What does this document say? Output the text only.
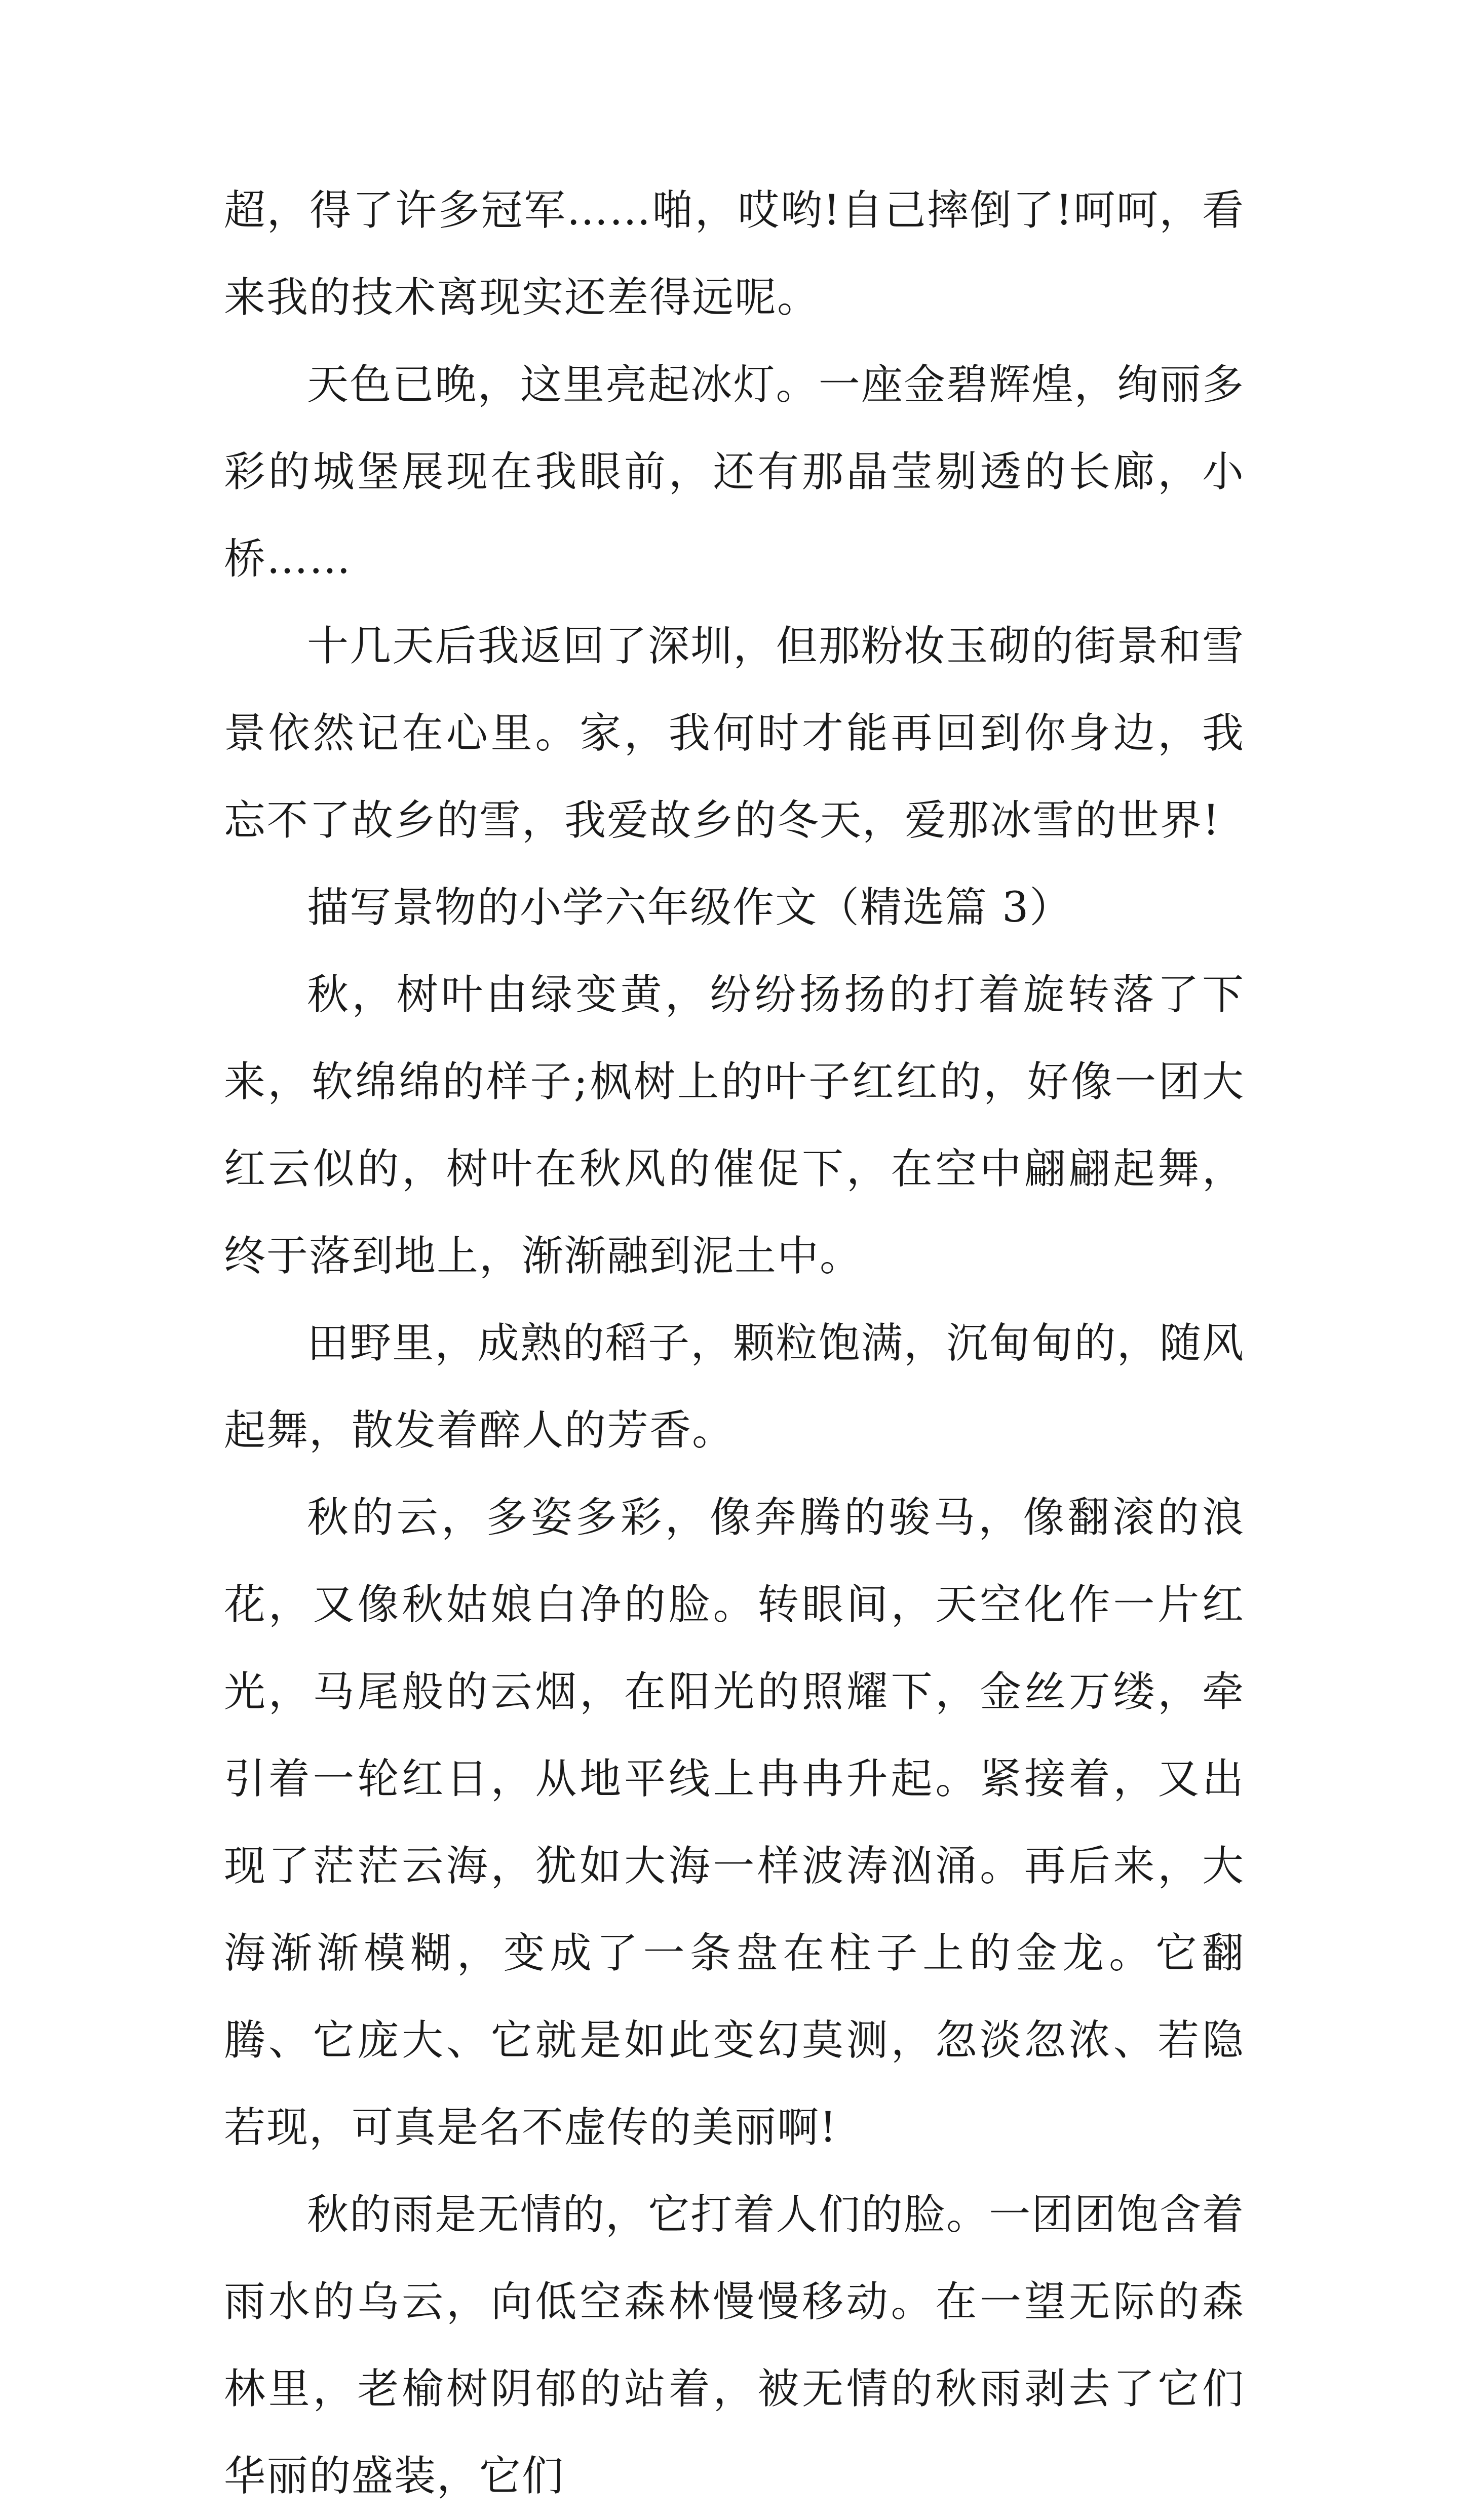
超，得了许多冠军……啪，哎哟!自己摔倒了!呵呵，看来我的技术离现实还差得远呢。

天色已晚，这里亮起冰灯。一座金碧辉煌，绚丽多彩的城堡展现在我眼前，还有那晶莹剔透的长廊，小桥……

十几天后我返回了深圳，但那粉妆玉砌的街景和雪景依然记在心里。家，我何时才能再回到你身边，我忘不了故乡的雪，我爱故乡的冬天，爱那冰雪的世界!

描写景物的小学六年级作文（精选篇 3）

秋，树叶由绿变黄，纷纷扬扬的打着旋转落了下来，软绵绵的样子;枫树上的叶子红红的，好像一团大红云似的，树叶在秋风的催促下，在空中翩翩起舞，终于落到地上，渐渐融到泥土中。

田野里，成熟的稻子，颗粒饱满，沉甸甸的，随风起舞，散发着醉人的芳香。

秋的云，多姿多彩，像奔腾的骏马，像翻滚的浪花，又像秋姑娘白净的脸。转眼间，天空化作一片红光，马尾般的云烟，在阳光的照耀下，金丝万缕，牵引着一轮红日，从地平线上冉冉升起。紧接着，又出现了茫茫云海，犹如大海一样波涛汹涌。再后来，大海渐渐模糊，变成了一条盘在柱子上的金龙。它翻腾、它庞大、它就是如此变幻莫测，忽淡忽浓、若隐若现，可真是名不虚传的美丽啊!

秋的雨是无情的，它打着人们的脸。一团团饱含着雨水的乌云，向低空森林慢慢移动。在一望无际的森林里，老榆树阴郁的站着，被无情的秋雨剥去了它们华丽的盛装，它们
